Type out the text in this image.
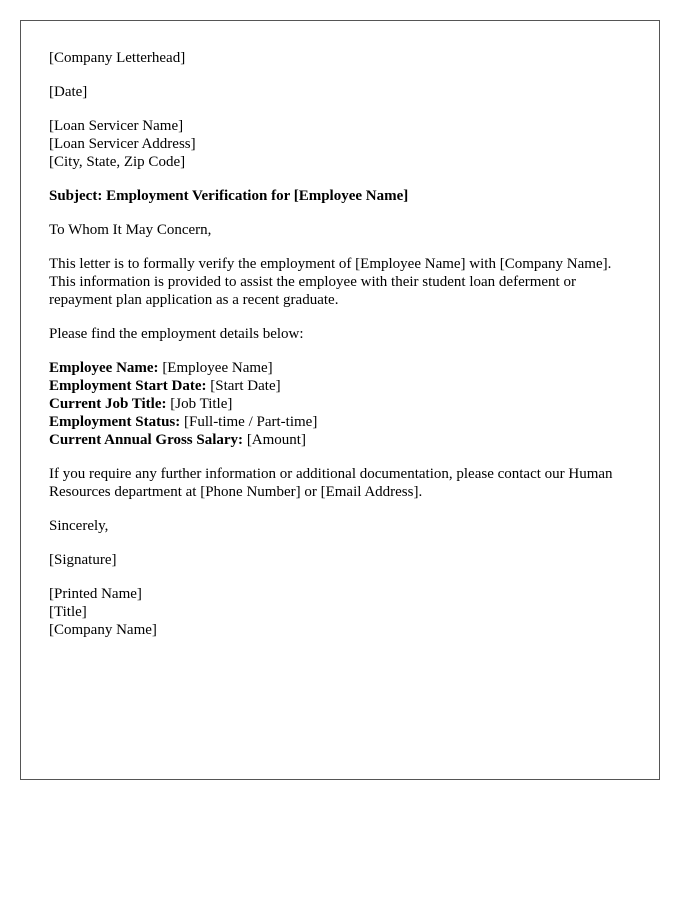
[Company Letterhead]
[Date]
[Loan Servicer Name]
[Loan Servicer Address]
[City, State, Zip Code]
Subject: Employment Verification for [Employee Name]
To Whom It May Concern,

This letter is to formally verify the employment of [Employee Name] with [Company Name]. This information is provided to assist the employee with their student loan deferment or repayment plan application as a recent graduate.

Please find the employment details below:
Employee Name: [Employee Name]
Employment Start Date: [Start Date]
Current Job Title: [Job Title]
Employment Status: [Full-time / Part-time]
Current Annual Gross Salary: [Amount]

If you require any further information or additional documentation, please contact our Human Resources department at [Phone Number] or [Email Address].

Sincerely,
[Signature]
[Printed Name]
[Title]
[Company Name]
